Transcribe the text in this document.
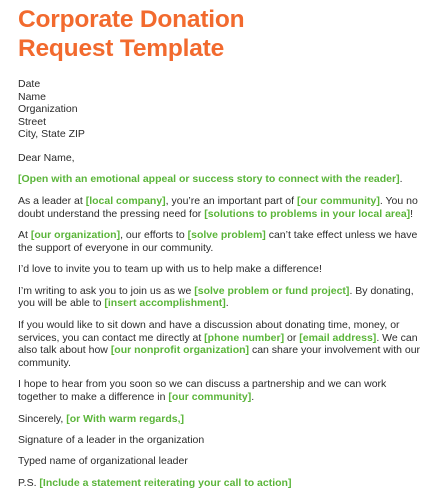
Corporate Donation
Request Template
Date
Name
Organization
Street
City, State ZIP

Dear Name,

[Open with an emotional appeal or success story to connect with the reader].

As a leader at [local company], you’re an important part of [our community]. You no doubt understand the pressing need for [solutions to problems in your local area]!

At [our organization], our efforts to [solve problem] can’t take effect unless we have the support of everyone in our community.

I’d love to invite you to team up with us to help make a difference!

I’m writing to ask you to join us as we [solve problem or fund project]. By donating, you will be able to [insert accomplishment].

If you would like to sit down and have a discussion about donating time, money, or services, you can contact me directly at [phone number] or [email address]. We can also talk about how [our nonprofit organization] can share your involvement with our community.

I hope to hear from you soon so we can discuss a partnership and we can work together to make a difference in [our community].

Sincerely, [or With warm regards,]

Signature of a leader in the organization

Typed name of organizational leader

P.S. [Include a statement reiterating your call to action]
